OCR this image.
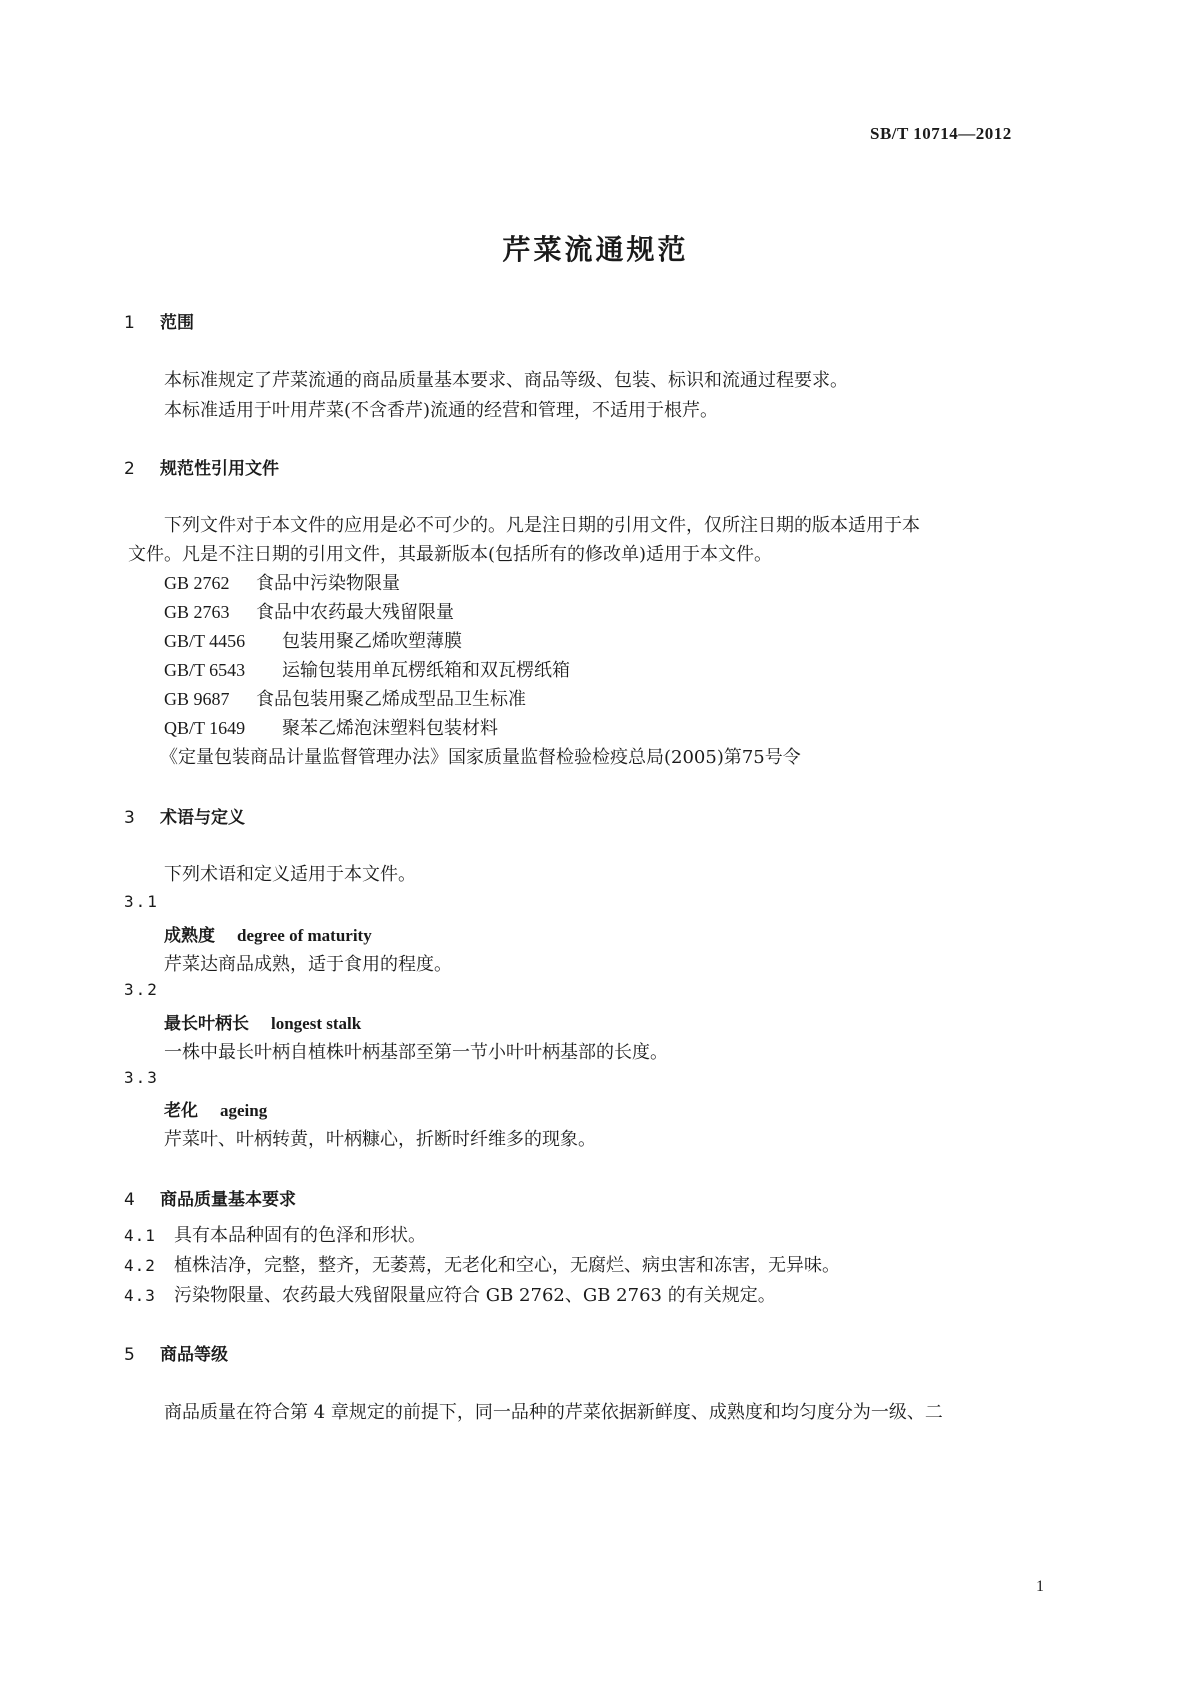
SB/T 10714—2012
芹菜流通规范
1 范围
本标准规定了芹菜流通的商品质量基本要求、商品等级、包装、标识和流通过程要求。
本标准适用于叶用芹菜(不含香芹)流通的经营和管理，不适用于根芹。
2 规范性引用文件
下列文件对于本文件的应用是必不可少的。凡是注日期的引用文件，仅所注日期的版本适用于本
文件。凡是不注日期的引用文件，其最新版本(包括所有的修改单)适用于本文件。
GB 2762 食品中污染物限量
GB 2763 食品中农药最大残留限量
GB/T 4456 包装用聚乙烯吹塑薄膜
GB/T 6543 运输包装用单瓦楞纸箱和双瓦楞纸箱
GB 9687 食品包装用聚乙烯成型品卫生标准
QB/T 1649 聚苯乙烯泡沫塑料包装材料
《定量包装商品计量监督管理办法》国家质量监督检验检疫总局(2005)第75号令
3 术语与定义
下列术语和定义适用于本文件。
3.1
成熟度 degree of maturity
芹菜达商品成熟，适于食用的程度。
3.2
最长叶柄长 longest stalk
一株中最长叶柄自植株叶柄基部至第一节小叶叶柄基部的长度。
3.3
老化 ageing
芹菜叶、叶柄转黄，叶柄糠心，折断时纤维多的现象。
4 商品质量基本要求
4.1 具有本品种固有的色泽和形状。
4.2 植株洁净，完整，整齐，无萎蔫，无老化和空心，无腐烂、病虫害和冻害，无异味。
4.3 污染物限量、农药最大残留限量应符合 GB 2762、GB 2763 的有关规定。
5 商品等级
商品质量在符合第 4 章规定的前提下，同一品种的芹菜依据新鲜度、成熟度和均匀度分为一级、二
1
